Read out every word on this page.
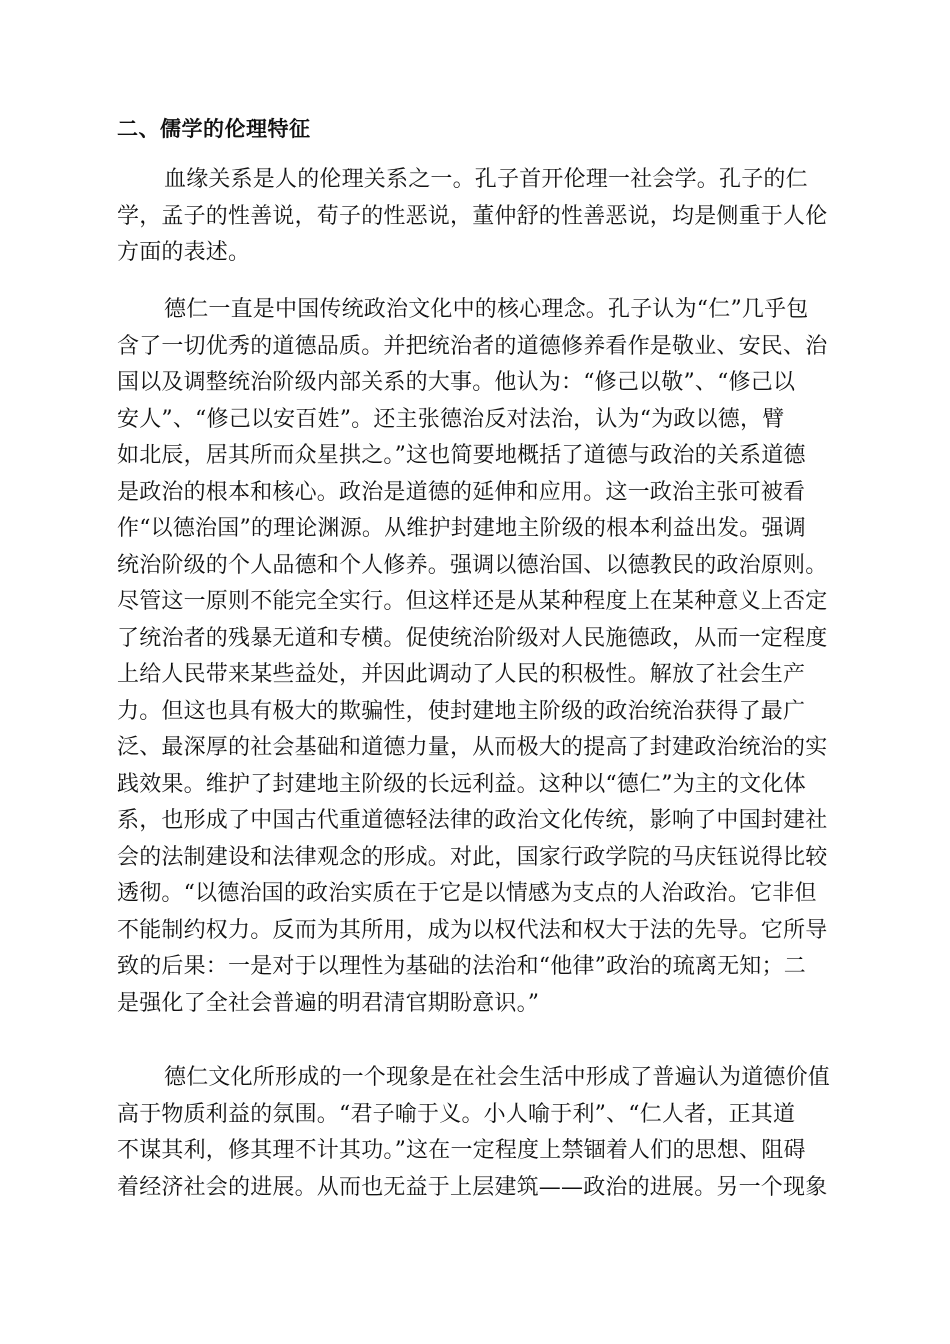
二、儒学的伦理特征
血缘关系是人的伦理关系之一。孔子首开伦理一社会学。孔子的仁
学，孟子的性善说，荀子的性恶说，董仲舒的性善恶说，均是侧重于人伦
方面的表述。
德仁一直是中国传统政治文化中的核心理念。孔子认为“仁”几乎包
含了一切优秀的道德品质。并把统治者的道德修养看作是敬业、安民、治
国以及调整统治阶级内部关系的大事。他认为：“修己以敬”、“修己以
安人”、“修己以安百姓”。还主张德治反对法治，认为“为政以德，臂
如北辰，居其所而众星拱之。”这也简要地概括了道德与政治的关系道德
是政治的根本和核心。政治是道德的延伸和应用。这一政治主张可被看
作“以德治国”的理论渊源。从维护封建地主阶级的根本利益出发。强调
统治阶级的个人品德和个人修养。强调以德治国、以德教民的政治原则。
尽管这一原则不能完全实行。但这样还是从某种程度上在某种意义上否定
了统治者的残暴无道和专横。促使统治阶级对人民施德政，从而一定程度
上给人民带来某些益处，并因此调动了人民的积极性。解放了社会生产
力。但这也具有极大的欺骗性，使封建地主阶级的政治统治获得了最广
泛、最深厚的社会基础和道德力量，从而极大的提高了封建政治统治的实
践效果。维护了封建地主阶级的长远利益。这种以“德仁”为主的文化体
系，也形成了中国古代重道德轻法律的政治文化传统，影响了中国封建社
会的法制建设和法律观念的形成。对此，国家行政学院的马庆钰说得比较
透彻。“以德治国的政治实质在于它是以情感为支点的人治政治。它非但
不能制约权力。反而为其所用，成为以权代法和权大于法的先导。它所导
致的后果：一是对于以理性为基础的法治和“他律”政治的琉离无知；二
是强化了全社会普遍的明君清官期盼意识。”
德仁文化所形成的一个现象是在社会生活中形成了普遍认为道德价值
高于物质利益的氛围。“君子喻于义。小人喻于利”、“仁人者，正其道
不谋其利，修其理不计其功。”这在一定程度上禁锢着人们的思想、阻碍
着经济社会的进展。从而也无益于上层建筑——政治的进展。另一个现象
